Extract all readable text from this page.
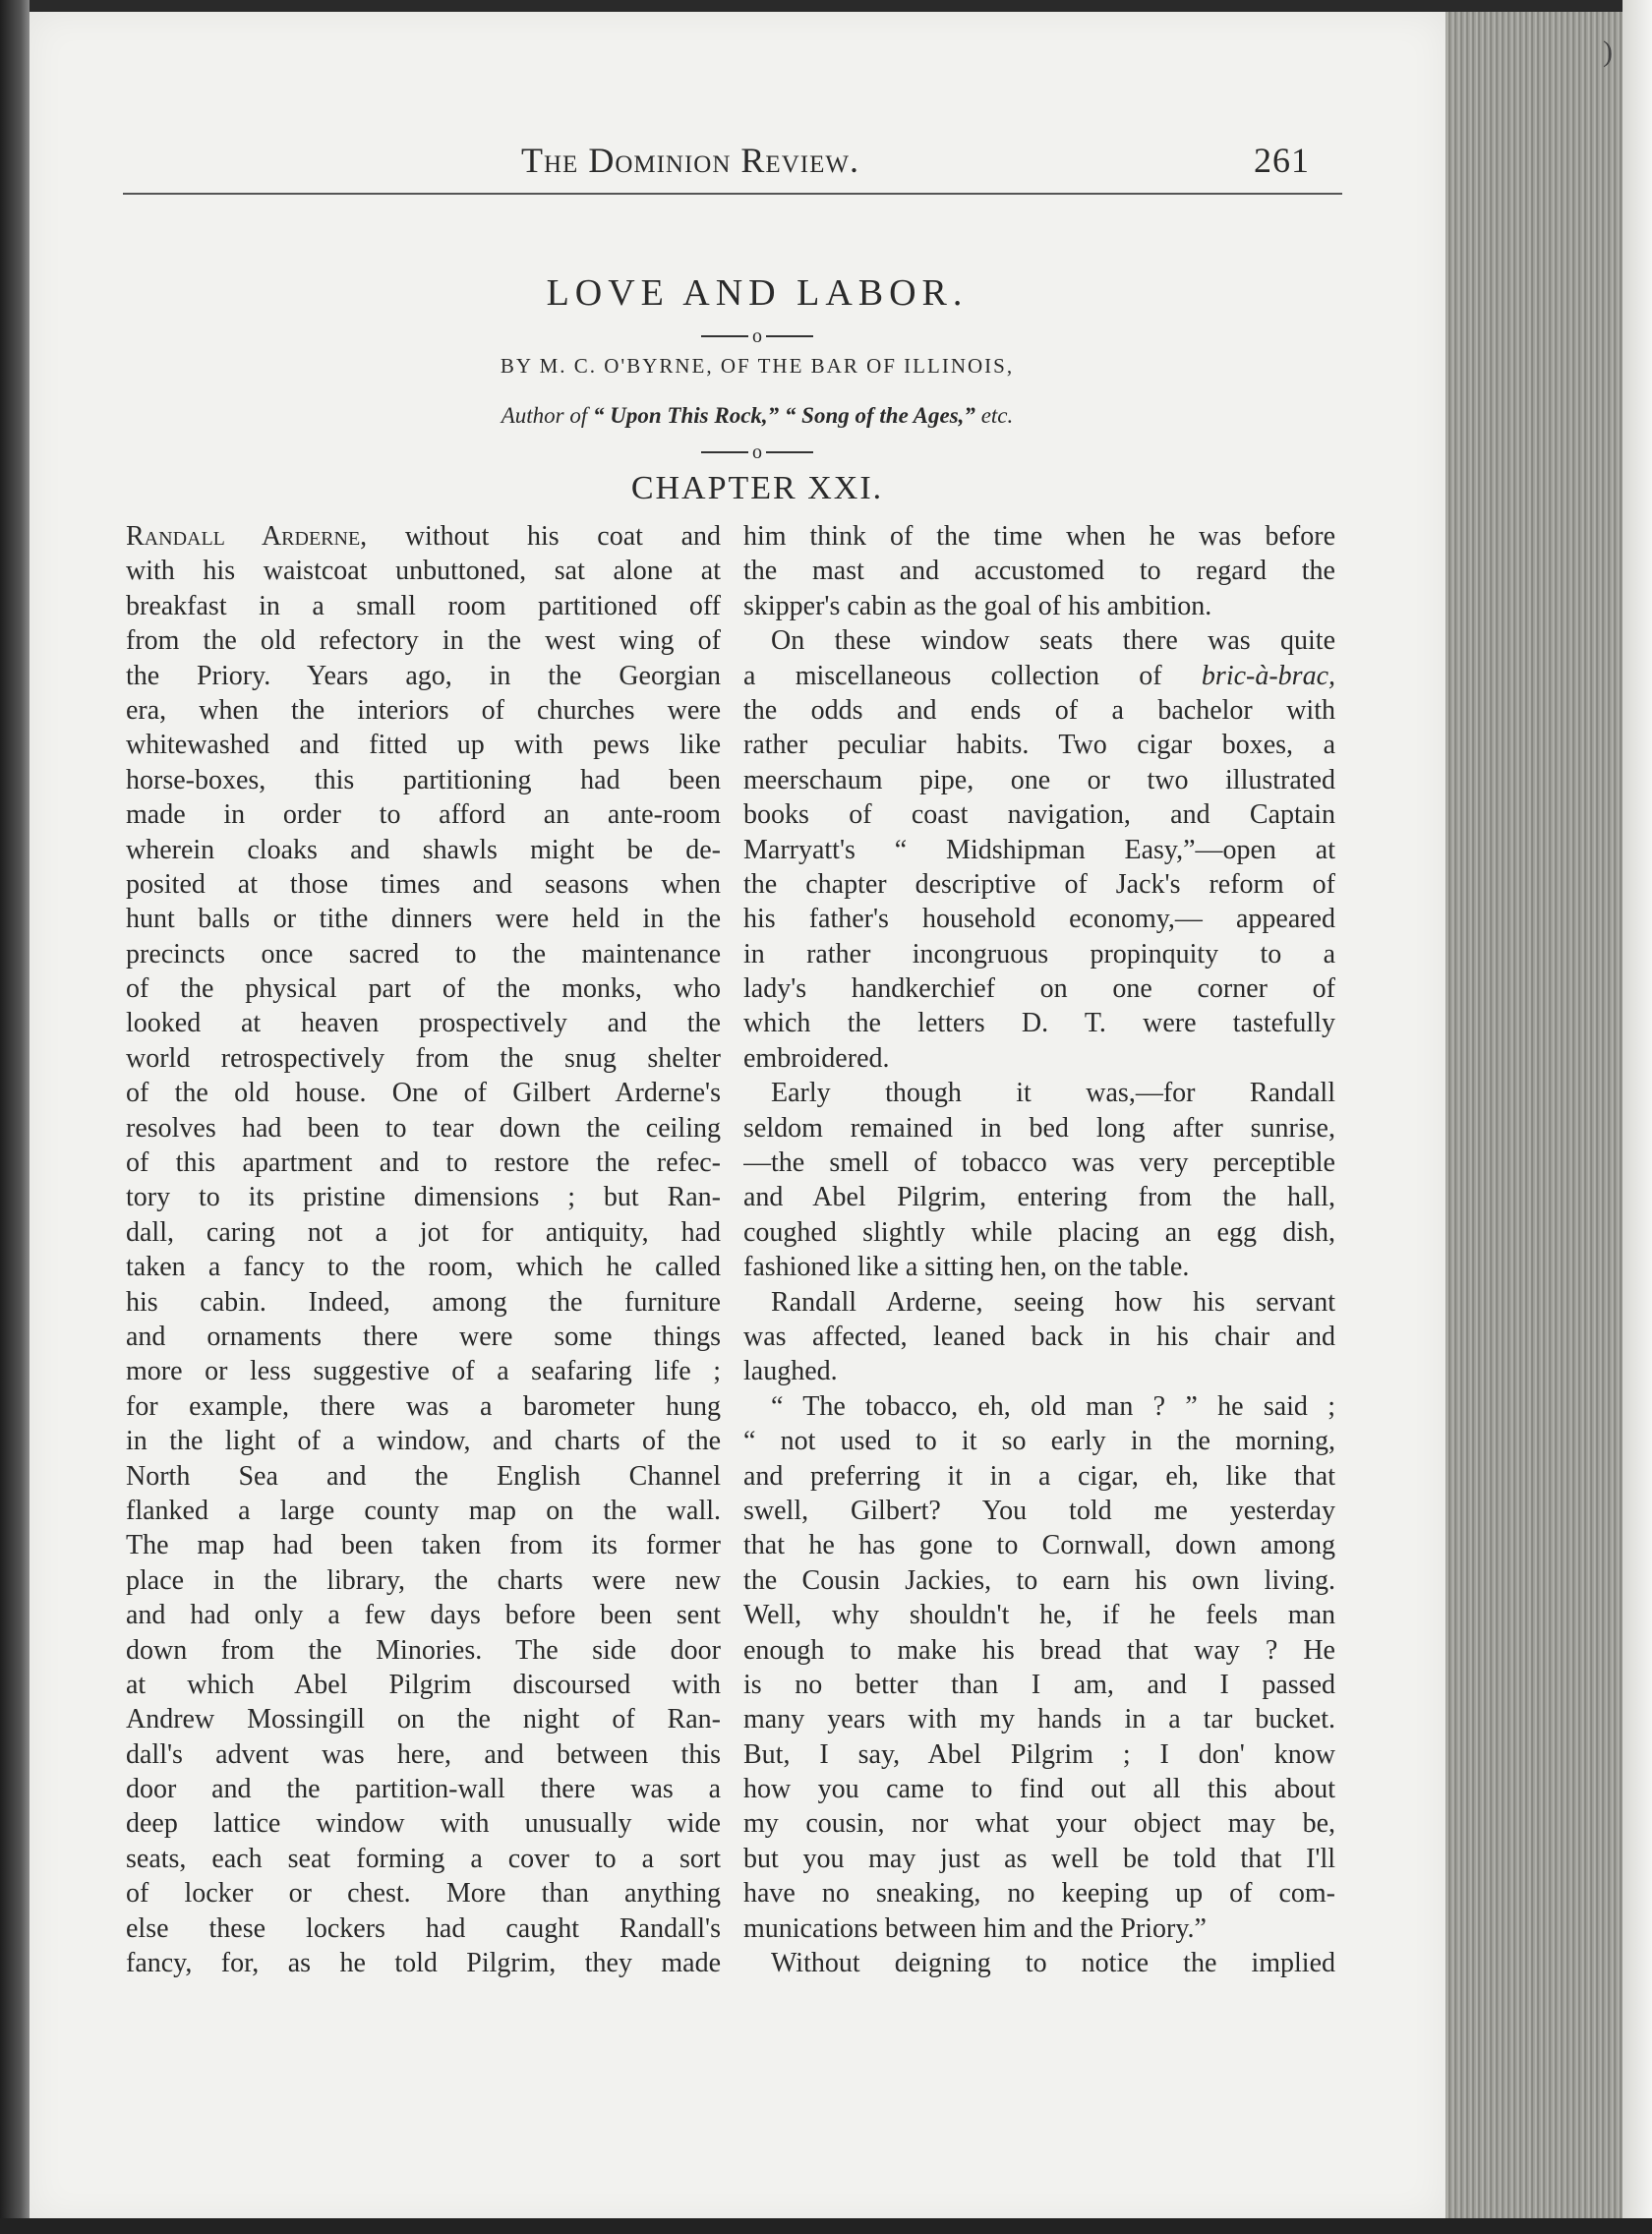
The Dominion Review.	261
LOVE AND LABOR.
o
BY M. C. O'BYRNE, OF THE BAR OF ILLINOIS,
Author of “ Upon This Rock,” “ Song of the Ages,” etc.
o
CHAPTER XXI.
Randall Arderne, without his coat and
with his waistcoat unbuttoned, sat alone at
breakfast in a small room partitioned off
from the old refectory in the west wing of
the Priory. Years ago, in the Georgian
era, when the interiors of churches were
whitewashed and fitted up with pews like
horse-boxes, this partitioning had been
made in order to afford an ante-room
wherein cloaks and shawls might be de-
posited at those times and seasons when
hunt balls or tithe dinners were held in the
precincts once sacred to the maintenance
of the physical part of the monks, who
looked at heaven prospectively and the
world retrospectively from the snug shelter
of the old house. One of Gilbert Arderne's
resolves had been to tear down the ceiling
of this apartment and to restore the refec-
tory to its pristine dimensions ; but Ran-
dall, caring not a jot for antiquity, had
taken a fancy to the room, which he called
his cabin. Indeed, among the furniture
and ornaments there were some things
more or less suggestive of a seafaring life ;
for example, there was a barometer hung
in the light of a window, and charts of the
North Sea and the English Channel
flanked a large county map on the wall.
The map had been taken from its former
place in the library, the charts were new
and had only a few days before been sent
down from the Minories. The side door
at which Abel Pilgrim discoursed with
Andrew Mossingill on the night of Ran-
dall's advent was here, and between this
door and the partition-wall there was a
deep lattice window with unusually wide
seats, each seat forming a cover to a sort
of locker or chest. More than anything
else these lockers had caught Randall's
fancy, for, as he told Pilgrim, they made
him think of the time when he was before
the mast and accustomed to regard the
skipper's cabin as the goal of his ambition.
On these window seats there was quite
a miscellaneous collection of bric-à-brac,
the odds and ends of a bachelor with
rather peculiar habits. Two cigar boxes, a
meerschaum pipe, one or two illustrated
books of coast navigation, and Captain
Marryatt's “ Midshipman Easy,”—open at
the chapter descriptive of Jack's reform of
his father's household economy,— appeared
in rather incongruous propinquity to a
lady's handkerchief on one corner of
which the letters D. T. were tastefully
embroidered.
Early though it was,—for Randall
seldom remained in bed long after sunrise,
—the smell of tobacco was very perceptible
and Abel Pilgrim, entering from the hall,
coughed slightly while placing an egg dish,
fashioned like a sitting hen, on the table.
Randall Arderne, seeing how his servant
was affected, leaned back in his chair and
laughed.
“ The tobacco, eh, old man ? ” he said ;
“ not used to it so early in the morning,
and preferring it in a cigar, eh, like that
swell, Gilbert? You told me yesterday
that he has gone to Cornwall, down among
the Cousin Jackies, to earn his own living.
Well, why shouldn't he, if he feels man
enough to make his bread that way ? He
is no better than I am, and I passed
many years with my hands in a tar bucket.
But, I say, Abel Pilgrim ; I don' know
how you came to find out all this about
my cousin, nor what your object may be,
but you may just as well be told that I'll
have no sneaking, no keeping up of com-
munications between him and the Priory.”
Without deigning to notice the implied
)
